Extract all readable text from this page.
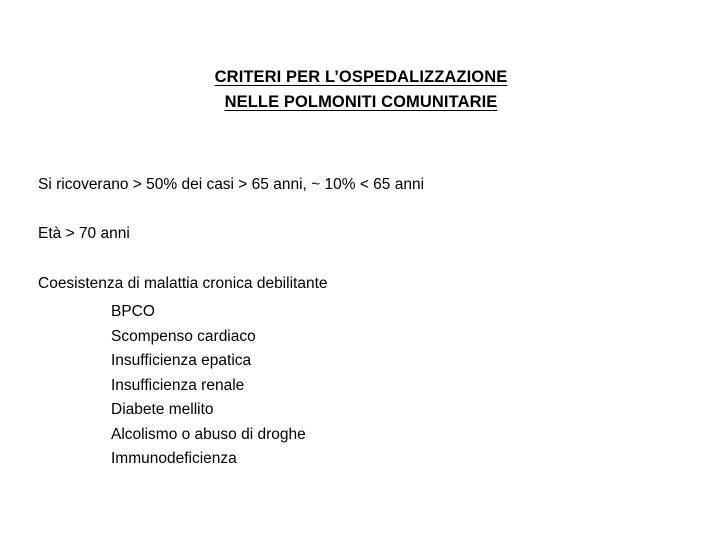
CRITERI PER L’OSPEDALIZZAZIONE
NELLE POLMONITI COMUNITARIE
Si ricoverano > 50% dei casi > 65 anni, ~ 10% < 65 anni
Età > 70 anni
Coesistenza di malattia cronica debilitante
BPCO
Scompenso cardiaco
Insufficienza epatica
Insufficienza renale
Diabete mellito
Alcolismo o abuso di droghe
Immunodeficienza
